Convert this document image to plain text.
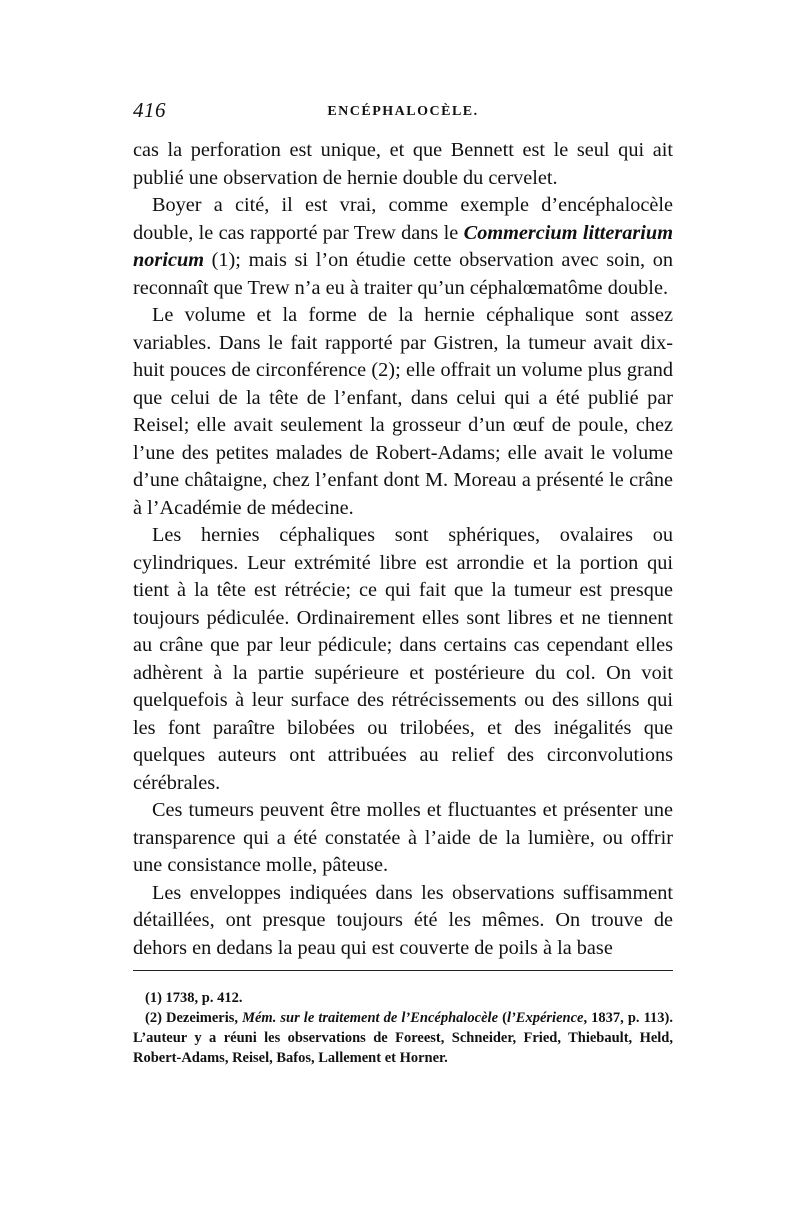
416	ENCÉPHALOCÈLE.

cas la perforation est unique, et que Bennett est le seul qui ait publié une observation de hernie double du cervelet.

Boyer a cité, il est vrai, comme exemple d’encéphalocèle double, le cas rapporté par Trew dans le Commercium litterarium noricum (1); mais si l’on étudie cette observation avec soin, on reconnaît que Trew n’a eu à traiter qu’un céphalœmatôme double.

Le volume et la forme de la hernie céphalique sont assez variables. Dans le fait rapporté par Gistren, la tumeur avait dix-huit pouces de circonférence (2); elle offrait un volume plus grand que celui de la tête de l’enfant, dans celui qui a été publié par Reisel; elle avait seulement la grosseur d’un œuf de poule, chez l’une des petites malades de Robert-Adams; elle avait le volume d’une châtaigne, chez l’enfant dont M. Moreau a présenté le crâne à l’Académie de médecine.

Les hernies céphaliques sont sphériques, ovalaires ou cylindriques. Leur extrémité libre est arrondie et la portion qui tient à la tête est rétrécie; ce qui fait que la tumeur est presque toujours pédiculée. Ordinairement elles sont libres et ne tiennent au crâne que par leur pédicule; dans certains cas cependant elles adhèrent à la partie supérieure et postérieure du col. On voit quelquefois à leur surface des rétrécissements ou des sillons qui les font paraître bilobées ou trilobées, et des inégalités que quelques auteurs ont attribuées au relief des circonvolutions cérébrales.

Ces tumeurs peuvent être molles et fluctuantes et présenter une transparence qui a été constatée à l’aide de la lumière, ou offrir une consistance molle, pâteuse.

Les enveloppes indiquées dans les observations suffisamment détaillées, ont presque toujours été les mêmes. On trouve de dehors en dedans la peau qui est couverte de poils à la base

(1) 1738, p. 412.

(2) Dezeimeris, Mém. sur le traitement de l’Encéphalocèle (l’Expérience, 1837, p. 113). L’auteur y a réuni les observations de Foreest, Schneider, Fried, Thiebault, Held, Robert-Adams, Reisel, Bafos, Lallement et Horner.
